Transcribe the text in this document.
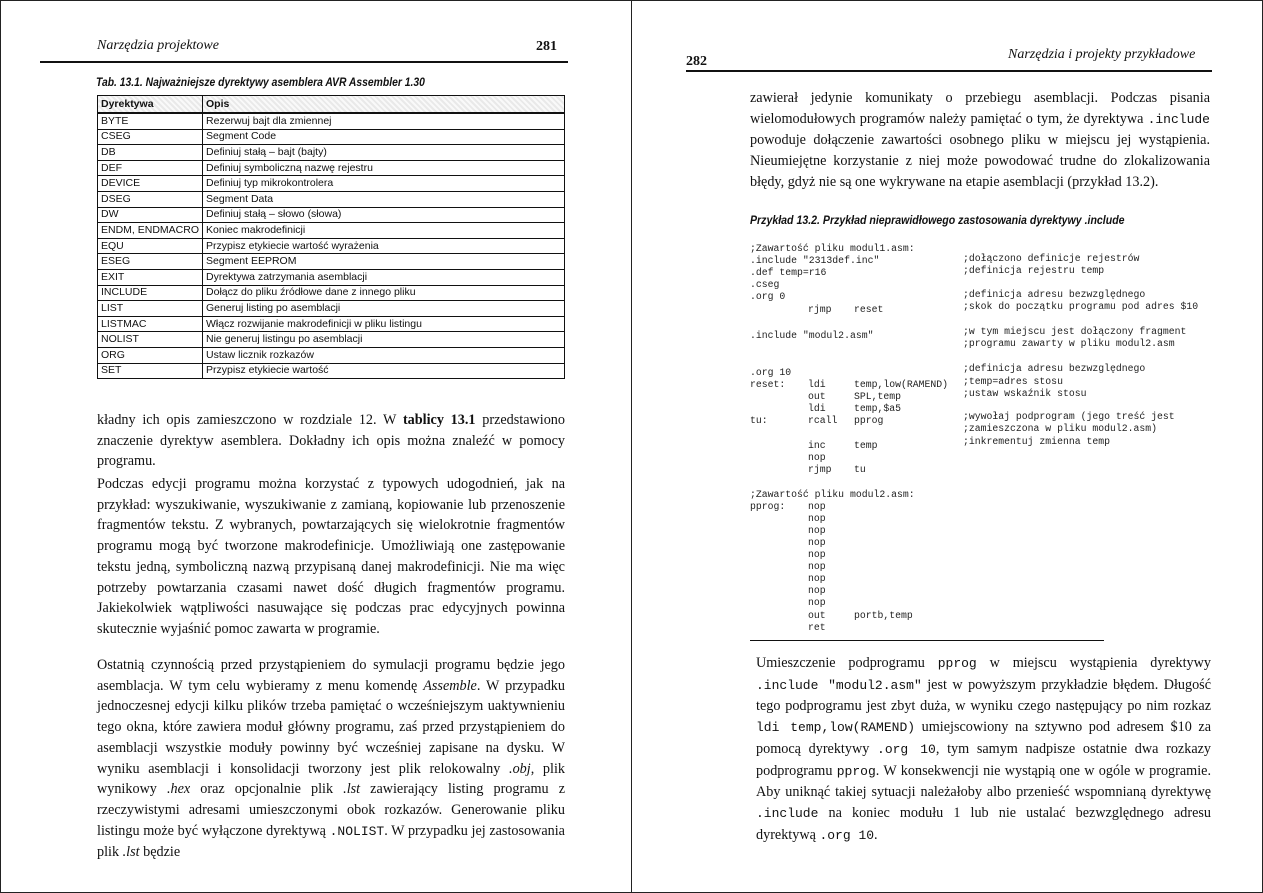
Narzędzia projektowe	281
Tab. 13.1. Najważniejsze dyrektywy asemblera AVR Assembler 1.30
Dyrektywa	Opis
BYTE	Rezerwuj bajt dla zmiennej
CSEG	Segment Code
DB	Definiuj stałą – bajt (bajty)
DEF	Definiuj symboliczną nazwę rejestru
DEVICE	Definiuj typ mikrokontrolera
DSEG	Segment Data
DW	Definiuj stałą – słowo (słowa)
ENDM, ENDMACRO	Koniec makrodefinicji
EQU	Przypisz etykiecie wartość wyrażenia
ESEG	Segment EEPROM
EXIT	Dyrektywa zatrzymania asemblacji
INCLUDE	Dołącz do pliku źródłowe dane z innego pliku
LIST	Generuj listing po asemblacji
LISTMAC	Włącz rozwijanie makrodefinicji w pliku listingu
NOLIST	Nie generuj listingu po asemblacji
ORG	Ustaw licznik rozkazów
SET	Przypisz etykiecie wartość
kładny ich opis zamieszczono w rozdziale 12. W tablicy 13.1 przedstawiono znaczenie dyrektyw asemblera. Dokładny ich opis można znaleźć w pomocy programu.
Podczas edycji programu można korzystać z typowych udogodnień, jak na przykład: wyszukiwanie, wyszukiwanie z zamianą, kopiowanie lub przenoszenie fragmentów tekstu. Z wybranych, powtarzających się wielokrotnie fragmentów programu mogą być tworzone makrodefinicje. Umożliwiają one zastępowanie tekstu jedną, symboliczną nazwą przypisaną danej makrodefinicji. Nie ma więc potrzeby powtarzania czasami nawet dość długich fragmentów programu. Jakiekolwiek wątpliwości nasuwające się podczas prac edycyjnych powinna skutecznie wyjaśnić pomoc zawarta w programie.
Ostatnią czynnością przed przystąpieniem do symulacji programu będzie jego asemblacja. W tym celu wybieramy z menu komendę Assemble. W przypadku jednoczesnej edycji kilku plików trzeba pamiętać o wcześniejszym uaktywnieniu tego okna, które zawiera moduł główny programu, zaś przed przystąpieniem do asemblacji wszystkie moduły powinny być wcześniej zapisane na dysku. W wyniku asemblacji i konsolidacji tworzony jest plik relokowalny .obj, plik wynikowy .hex oraz opcjonalnie plik .lst zawierający listing programu z rzeczywistymi adresami umieszczonymi obok rozkazów. Generowanie pliku listingu może być wyłączone dyrektywą .NOLIST. W przypadku jej zastosowania plik .lst będzie
282	Narzędzia i projekty przykładowe
zawierał jedynie komunikaty o przebiegu asemblacji. Podczas pisania wielomodułowych programów należy pamiętać o tym, że dyrektywa .include powoduje dołączenie zawartości osobnego pliku w miejscu jej wystąpienia. Nieumiejętne korzystanie z niej może powodować trudne do zlokalizowania błędy, gdyż nie są one wykrywane na etapie asemblacji (przykład 13.2).
Przykład 13.2. Przykład nieprawidłowego zastosowania dyrektywy .include
;Zawartość pliku modul1.asm:
.include "2313def.inc"	;dołączono definicje rejestrów
.def temp=r16	;definicja rejestru temp
.cseg
.org 0	;definicja adresu bezwzględnego
rjmp reset	;skok do początku programu pod adres $10
.include "modul2.asm"	;w tym miejscu jest dołączony fragment
;programu zawarty w pliku modul2.asm
.org 10	;definicja adresu bezwzględnego
reset: ldi	temp,low(RAMEND) ;temp=adres stosu
out	SPL,temp	;ustaw wskaźnik stosu
ldi	temp,$a5
tu:	rcall pprog	;wywołaj podprogram (jego treść jest
;zamieszczona w pliku modul2.asm)
inc	temp	;inkrementuj zmienna temp
nop
rjmp tu
;Zawartość pliku modul2.asm:
pprog: nop
nop
nop
nop
nop
nop
nop
nop
nop
out	portb,temp
ret
Umieszczenie podprogramu pprog w miejscu wystąpienia dyrektywy .include "modul2.asm" jest w powyższym przykładzie błędem. Długość tego podprogramu jest zbyt duża, w wyniku czego następujący po nim rozkaz ldi temp,low(RAMEND) umiejscowiony na sztywno pod adresem $10 za pomocą dyrektywy .org 10, tym samym nadpisze ostatnie dwa rozkazy podprogramu pprog. W konsekwencji nie wystąpią one w ogóle w programie. Aby uniknąć takiej sytuacji należałoby albo przenieść wspomnianą dyrektywę .include na koniec modułu 1 lub nie ustalać bezwzględnego adresu dyrektywą .org 10.
